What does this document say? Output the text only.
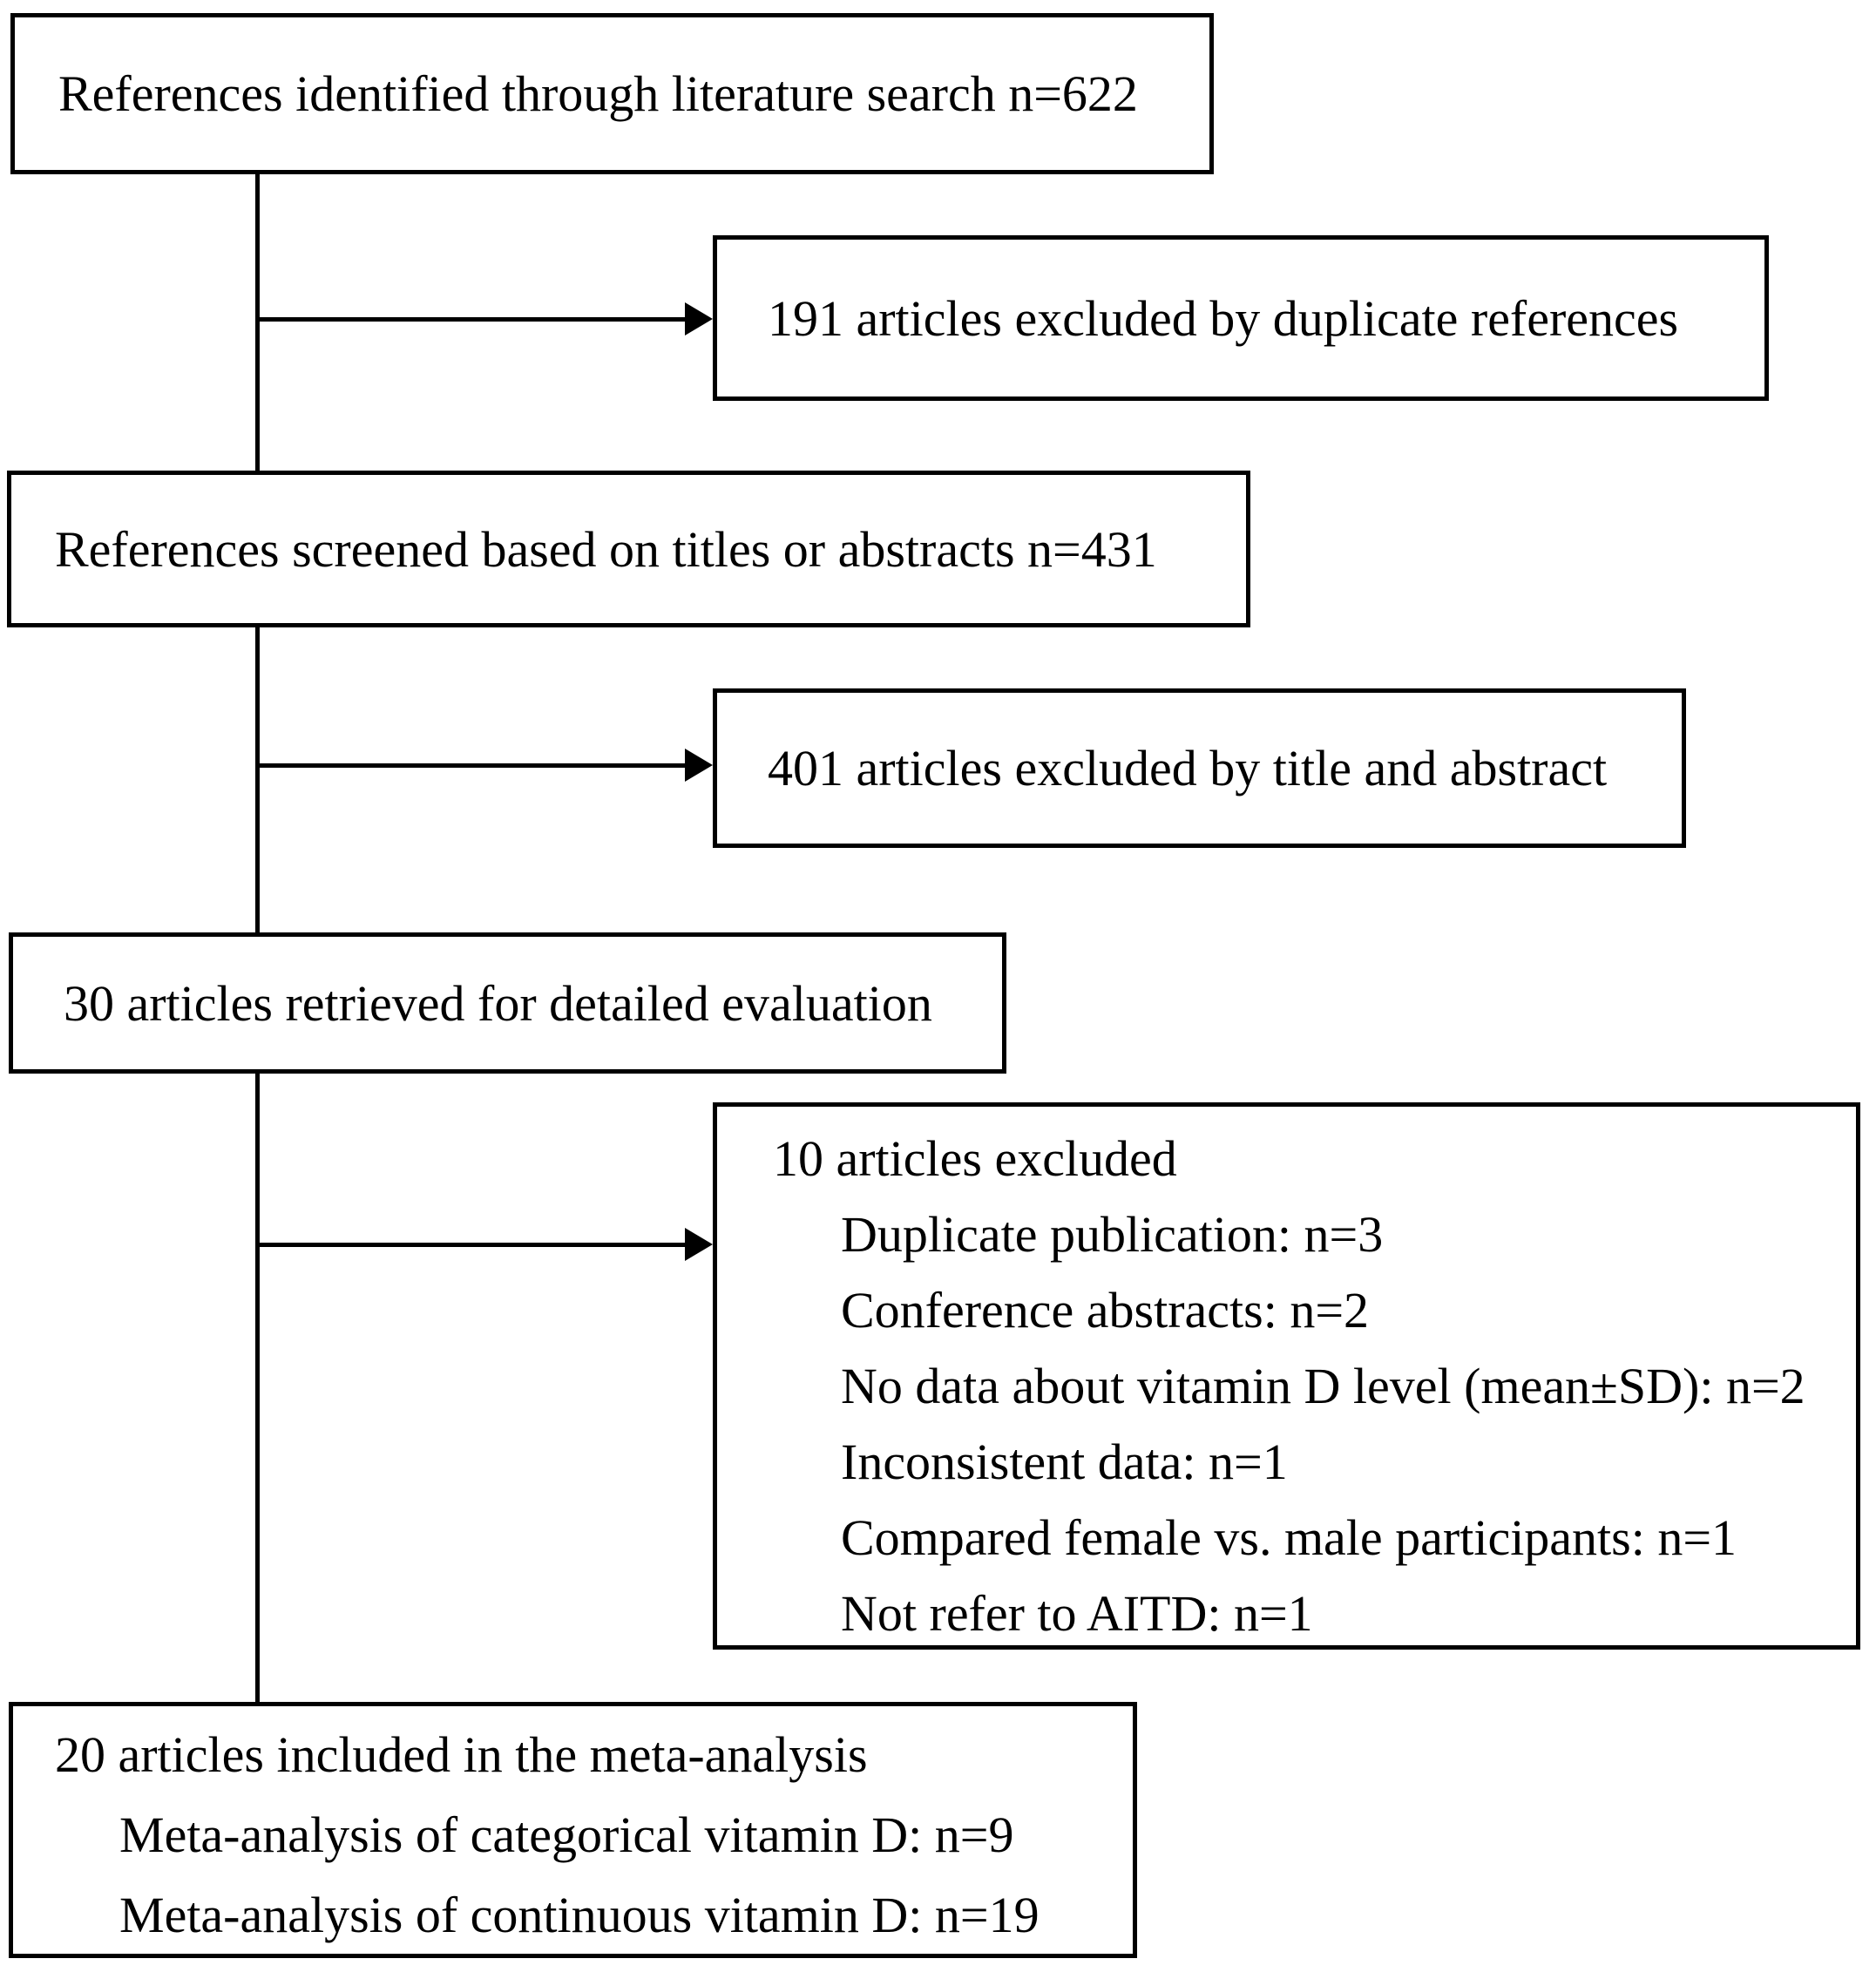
References identified through literature search n=622
191 articles excluded by duplicate references
References screened based on titles or abstracts n=431
401 articles excluded by title and abstract
30 articles retrieved for detailed evaluation
10 articles excluded
Duplicate publication: n=3
Conference abstracts: n=2
No data about vitamin D level (mean±SD): n=2
Inconsistent data: n=1
Compared female vs. male participants: n=1
Not refer to AITD: n=1
20 articles included in the meta-analysis
Meta-analysis of categorical vitamin D: n=9
Meta-analysis of continuous vitamin D: n=19
